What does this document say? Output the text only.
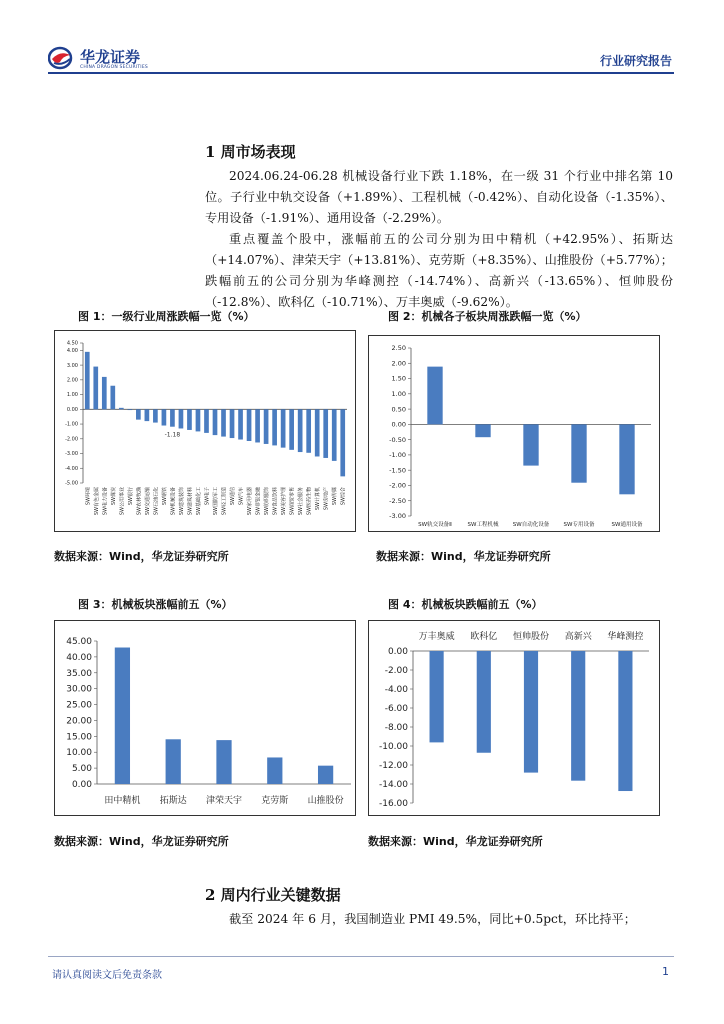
华龙证券
CHINA DRAGON SECURITIES	行业研究报告
1 周市场表现
2024.06.24-06.28 机械设备行业下跌 1.18%，在一级 31 个行业中排名第 10 位。子行业中轨交设备（+1.89%）、工程机械（-0.42%）、自动化设备（-1.35%）、专用设备（-1.91%）、通用设备（-2.29%）。
重点覆盖个股中，涨幅前五的公司分别为田中精机（+42.95%）、拓斯达（+14.07%）、津荣天宇（+13.81%）、克劳斯（+8.35%）、山推股份（+5.77%）；跌幅前五的公司分别为华峰测控（-14.74%）、高新兴（-13.65%）、恒帅股份（-12.8%）、欧科亿（-10.71%）、万丰奥威（-9.62%）。
图 1：一级行业周涨跌幅一览（%）	图 2：机械各子板块周涨跌幅一览（%）
4.50
4.00
3.00
2.00
1.00
0.00
-1.00
-2.00
-3.00
-4.00
-5.00
SW环境 SW有色金属 SW电力设备 SW煤炭 SW公用事业 SW银行 SW农林牧渔 SW交通运输 SW石油石化 SW钢铁 SW机械设备 SW建筑装饰 SW建筑材料 SW基础化工 SW电子 SW国防军工 SW轻工制造 SW通信 SW汽车 SW家用电器 SW非银金融 SW纺织服饰 SW食品饮料 SW美容护理 SW商贸零售 SW社会服务 SW医药生物 SW计算机 SW房地产 SW传媒 SW综合
-1.18
2.50
2.00
1.50
1.00
0.50
0.00
-0.50
-1.00
-1.50
-2.00
-2.50
-3.00
SW轨交设备Ⅱ	SW工程机械	SW自动化设备	SW专用设备	SW通用设备
数据来源：Wind，华龙证券研究所	数据来源：Wind，华龙证券研究所
图 3：机械板块涨幅前五（%）	图 4：机械板块跌幅前五（%）
45.00
40.00
35.00
30.00
25.00
20.00
15.00
10.00
5.00
0.00
田中精机 拓斯达 津荣天宇 克劳斯 山推股份
0.00
-2.00
-4.00
-6.00
-8.00
-10.00
-12.00
-14.00
-16.00
万丰奥威 欧科亿 恒帅股份 高新兴 华峰测控
数据来源：Wind，华龙证券研究所	数据来源：Wind，华龙证券研究所
2 周内行业关键数据
截至 2024 年 6 月，我国制造业 PMI 49.5%，同比+0.5pct，环比持平；
请认真阅读文后免责条款	1
